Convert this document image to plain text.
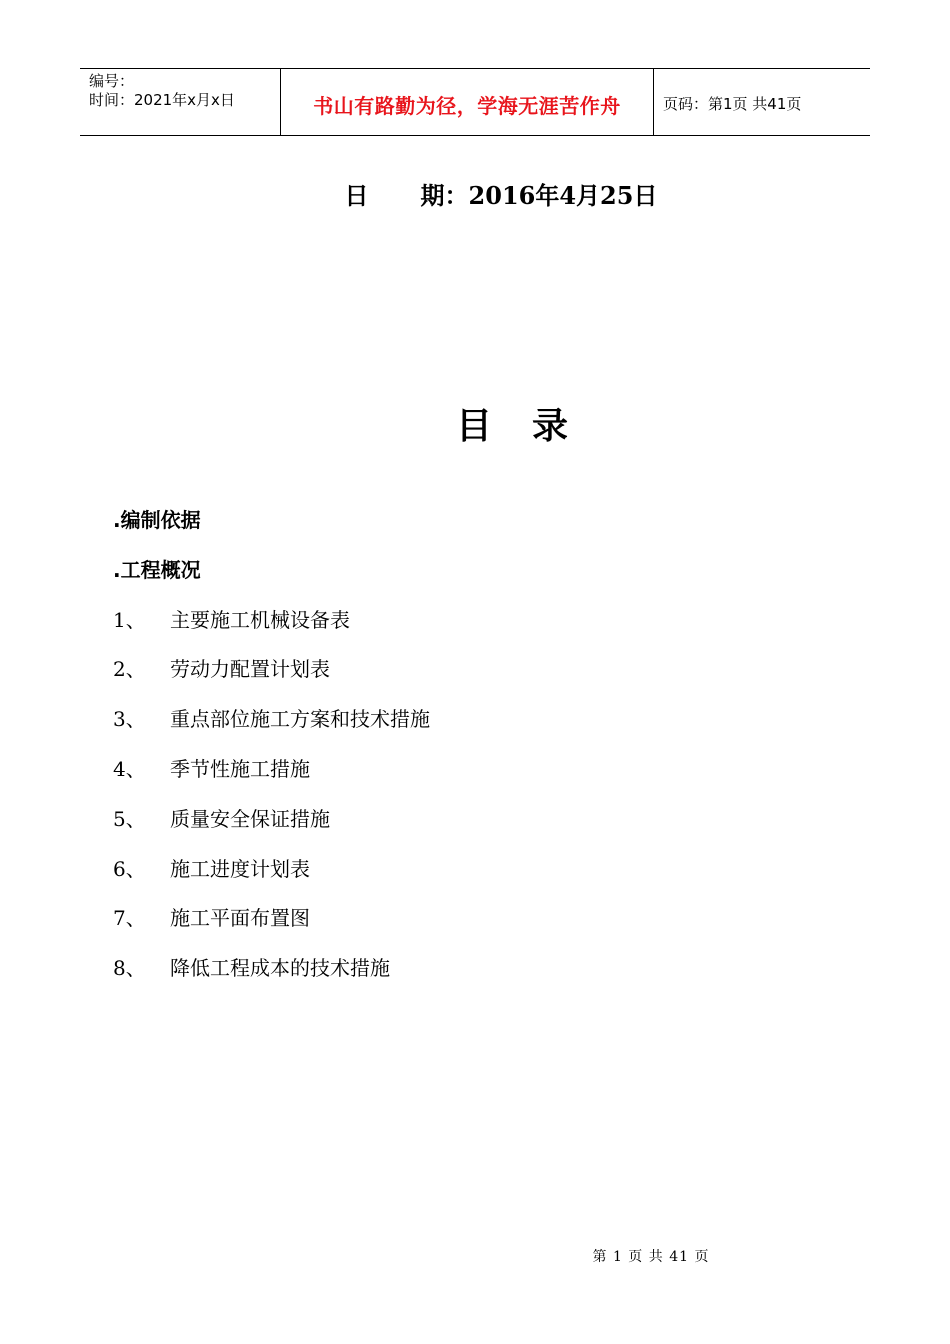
编号：
时间：2021年x月x日	书山有路勤为径，学海无涯苦作舟	页码：第1页 共41页
日 期：2016年4月25日
目 录
.编制依据
.工程概况
1、	主要施工机械设备表
2、	劳动力配置计划表
3、	重点部位施工方案和技术措施
4、	季节性施工措施
5、	质量安全保证措施
6、	施工进度计划表
7、	施工平面布置图
8、	降低工程成本的技术措施
第 1 页 共 41 页
